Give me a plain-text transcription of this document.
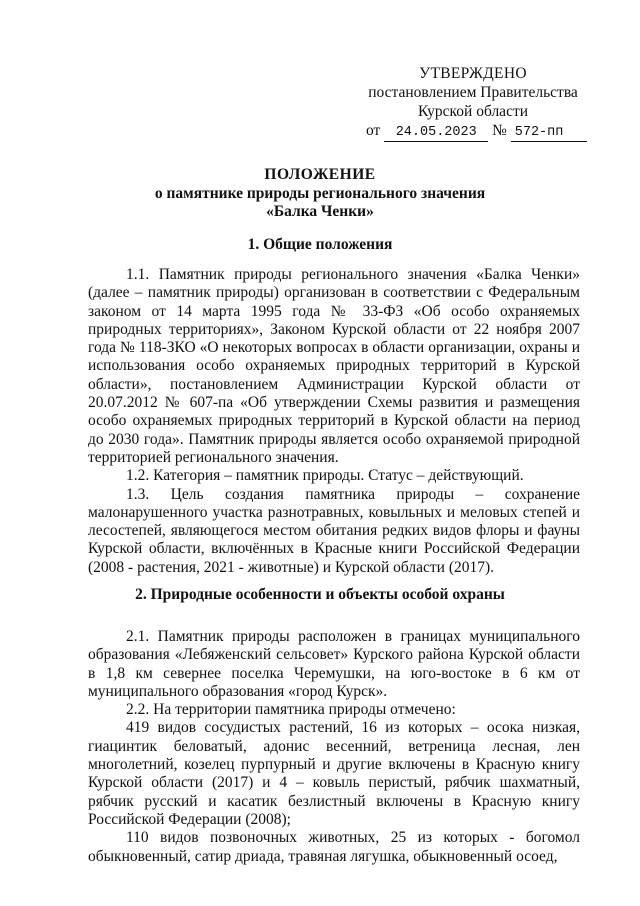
УТВЕРЖДЕНО
постановлением Правительства
Курской области
от 24.05.2023 № 572-пп
ПОЛОЖЕНИЕ
о памятнике природы регионального значения
«Балка Ченки»
1. Общие положения

1.1. Памятник природы регионального значения «Балка Ченки» (далее – памятник природы) организован в соответствии с Федеральным законом от 14 марта 1995 года № 33-ФЗ «Об особо охраняемых природных территориях», Законом Курской области от 22 ноября 2007 года № 118-ЗКО «О некоторых вопросах в области организации, охраны и использования особо охраняемых природных территорий в Курской области», постановлением Администрации Курской области от 20.07.2012 № 607-па «Об утверждении Схемы развития и размещения особо охраняемых природных территорий в Курской области на период до 2030 года». Памятник природы является особо охраняемой природной территорией регионального значения.

1.2. Категория – памятник природы. Статус – действующий.

1.3. Цель создания памятника природы – сохранение малонарушенного участка разнотравных, ковыльных и меловых степей и лесостепей, являющегося местом обитания редких видов флоры и фауны Курской области, включённых в Красные книги Российской Федерации (2008 - растения, 2021 - животные) и Курской области (2017).

2. Природные особенности и объекты особой охраны

2.1. Памятник природы расположен в границах муниципального образования «Лебяженский сельсовет» Курского района Курской области в 1,8 км севернее поселка Черемушки, на юго-востоке в 6 км от муниципального образования «город Курск».

2.2. На территории памятника природы отмечено:

419 видов сосудистых растений, 16 из которых – осока низкая, гиацинтик беловатый, адонис весенний, ветреница лесная, лен многолетний, козелец пурпурный и другие включены в Красную книгу Курской области (2017) и 4 – ковыль перистый, рябчик шахматный, рябчик русский и касатик безлистный включены в Красную книгу Российской Федерации (2008);

110 видов позвоночных животных, 25 из которых - богомол обыкновенный, сатир дриада, травяная лягушка, обыкновенный осоед,
